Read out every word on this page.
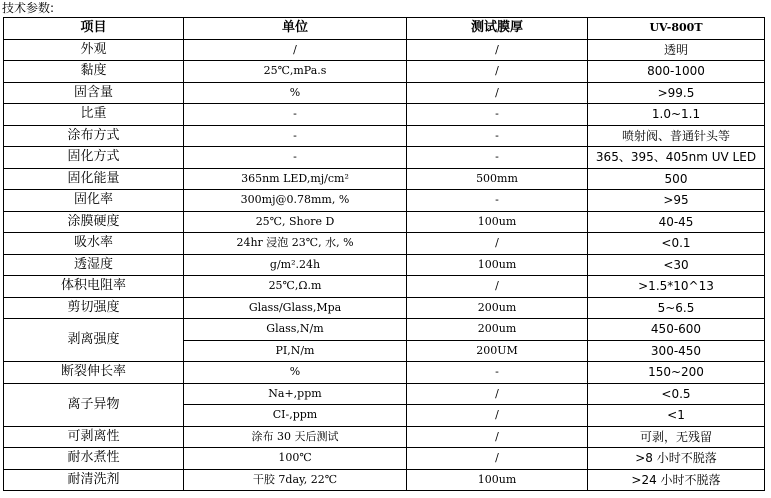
技术参数:
项目	单位	测试膜厚	UV-800T
外观	/	/	透明
黏度	25℃,mPa.s	/	800-1000
固含量	%	/	>99.5
比重	-	-	1.0~1.1
涂布方式	-	-	喷射阀、普通针头等
固化方式	-	-	365、395、405nm UV LED
固化能量	365nm LED,mj/cm²	500mm	500
固化率	300mj@0.78mm, %	-	>95
涂膜硬度	25℃, Shore D	100um	40-45
吸水率	24hr 浸泡 23℃, 水, %	/	<0.1
透湿度	g/m².24h	100um	<30
体积电阻率	25℃,Ω.m	/	>1.5*10^13
剪切强度	Glass/Glass,Mpa	200um	5~6.5
剥离强度	Glass,N/m	200um	450-600
	PI,N/m	200UM	300-450
断裂伸长率	%	-	150~200
离子异物	Na+,ppm	/	<0.5
	CI-,ppm	/	<1
可剥离性	涂布 30 天后测试	/	可剥，无残留
耐水煮性	100℃	/	>8 小时不脱落
耐清洗剂	干胶 7day, 22℃	100um	>24 小时不脱落
